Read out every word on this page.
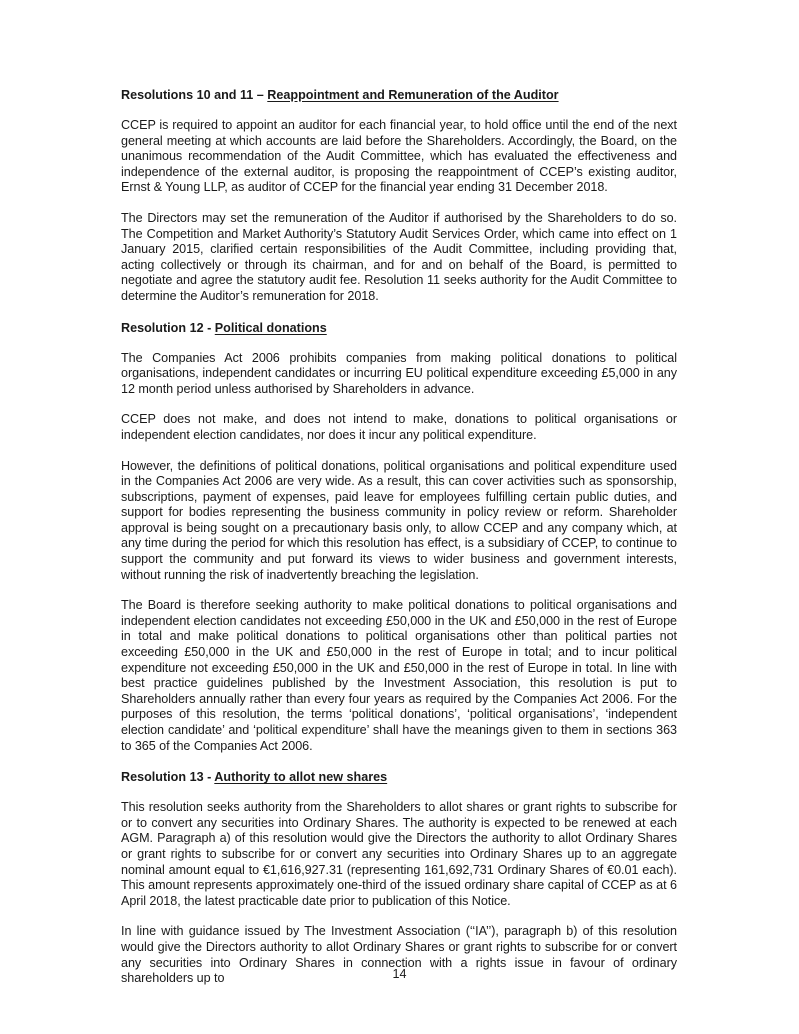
Resolutions 10 and 11 – Reappointment and Remuneration of the Auditor

CCEP is required to appoint an auditor for each financial year, to hold office until the end of the next general meeting at which accounts are laid before the Shareholders. Accordingly, the Board, on the unanimous recommendation of the Audit Committee, which has evaluated the effectiveness and independence of the external auditor, is proposing the reappointment of CCEP’s existing auditor, Ernst & Young LLP, as auditor of CCEP for the financial year ending 31 December 2018.

The Directors may set the remuneration of the Auditor if authorised by the Shareholders to do so. The Competition and Market Authority’s Statutory Audit Services Order, which came into effect on 1 January 2015, clarified certain responsibilities of the Audit Committee, including providing that, acting collectively or through its chairman, and for and on behalf of the Board, is permitted to negotiate and agree the statutory audit fee. Resolution 11 seeks authority for the Audit Committee to determine the Auditor’s remuneration for 2018.

Resolution 12 - Political donations

The Companies Act 2006 prohibits companies from making political donations to political organisations, independent candidates or incurring EU political expenditure exceeding £5,000 in any 12 month period unless authorised by Shareholders in advance.

CCEP does not make, and does not intend to make, donations to political organisations or independent election candidates, nor does it incur any political expenditure.

However, the definitions of political donations, political organisations and political expenditure used in the Companies Act 2006 are very wide. As a result, this can cover activities such as sponsorship, subscriptions, payment of expenses, paid leave for employees fulfilling certain public duties, and support for bodies representing the business community in policy review or reform. Shareholder approval is being sought on a precautionary basis only, to allow CCEP and any company which, at any time during the period for which this resolution has effect, is a subsidiary of CCEP, to continue to support the community and put forward its views to wider business and government interests, without running the risk of inadvertently breaching the legislation.

The Board is therefore seeking authority to make political donations to political organisations and independent election candidates not exceeding £50,000 in the UK and £50,000 in the rest of Europe in total and make political donations to political organisations other than political parties not exceeding £50,000 in the UK and £50,000 in the rest of Europe in total; and to incur political expenditure not exceeding £50,000 in the UK and £50,000 in the rest of Europe in total. In line with best practice guidelines published by the Investment Association, this resolution is put to Shareholders annually rather than every four years as required by the Companies Act 2006. For the purposes of this resolution, the terms ‘political donations’, ‘political organisations’, ‘independent election candidate’ and ‘political expenditure’ shall have the meanings given to them in sections 363 to 365 of the Companies Act 2006.

Resolution 13 - Authority to allot new shares

This resolution seeks authority from the Shareholders to allot shares or grant rights to subscribe for or to convert any securities into Ordinary Shares. The authority is expected to be renewed at each AGM. Paragraph a) of this resolution would give the Directors the authority to allot Ordinary Shares or grant rights to subscribe for or convert any securities into Ordinary Shares up to an aggregate nominal amount equal to €1,616,927.31 (representing 161,692,731 Ordinary Shares of €0.01 each). This amount represents approximately one-third of the issued ordinary share capital of CCEP as at 6 April 2018, the latest practicable date prior to publication of this Notice.

In line with guidance issued by The Investment Association (‘‘IA’’), paragraph b) of this resolution would give the Directors authority to allot Ordinary Shares or grant rights to subscribe for or convert any securities into Ordinary Shares in connection with a rights issue in favour of ordinary shareholders up to	14
